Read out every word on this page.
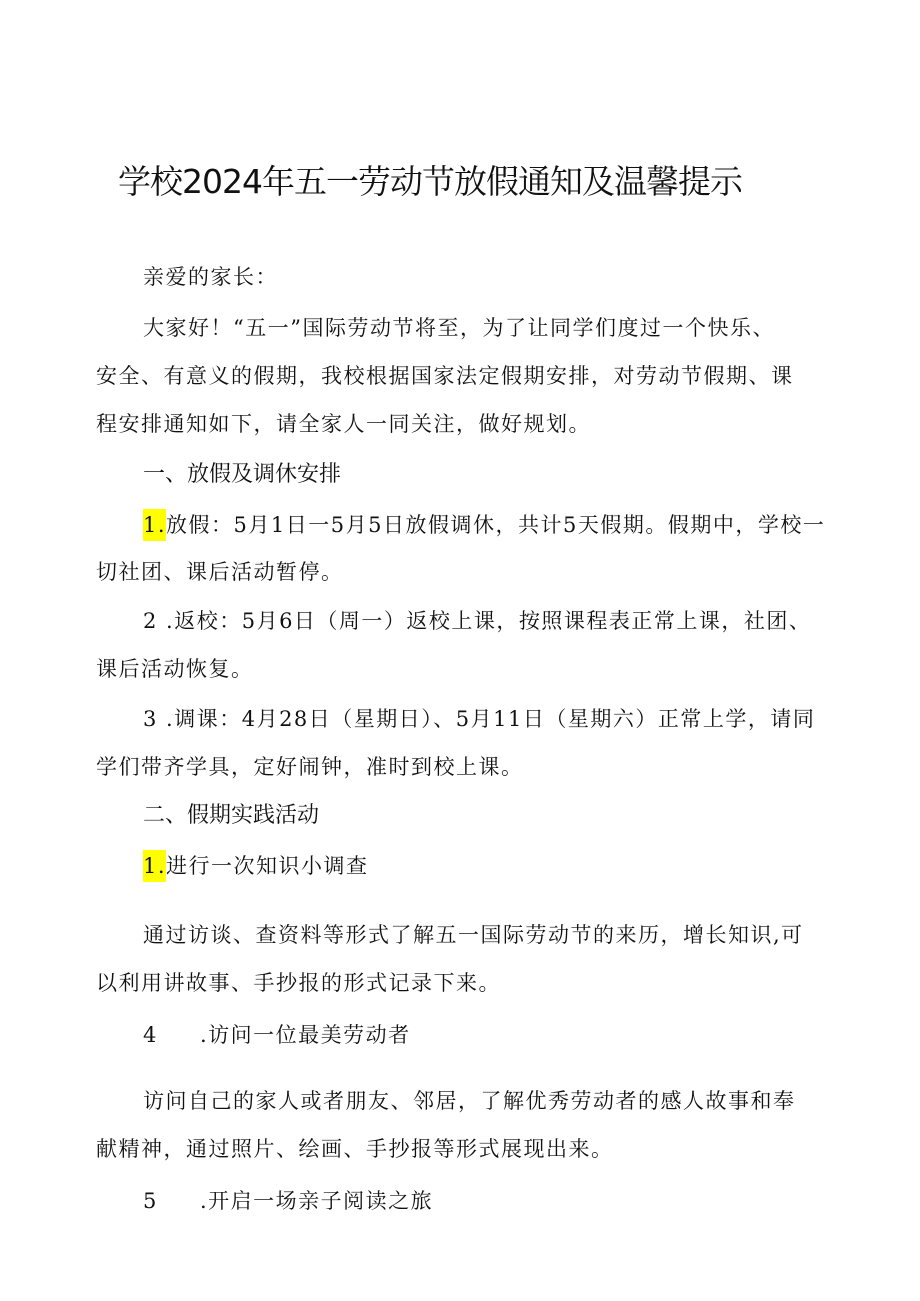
学校2024年五一劳动节放假通知及温馨提示
亲爱的家长：
大家好！“五一”国际劳动节将至，为了让同学们度过一个快乐、
安全、有意义的假期，我校根据国家法定假期安排，对劳动节假期、课
程安排通知如下，请全家人一同关注，做好规划。
一、放假及调休安排
1.放假：5月1日一5月5日放假调休，共计5天假期。假期中，学校一
切社团、课后活动暂停。
2 .返校：5月6日（周一）返校上课，按照课程表正常上课，社团、
课后活动恢复。
3 .调课：4月28日（星期日）、5月11日（星期六）正常上学，请同
学们带齐学具，定好闹钟，准时到校上课。
二、假期实践活动
1.进行一次知识小调查
通过访谈、查资料等形式了解五一国际劳动节的来历，增长知识,可
以利用讲故事、手抄报的形式记录下来。
4 .访问一位最美劳动者
访问自己的家人或者朋友、邻居，了解优秀劳动者的感人故事和奉
献精神，通过照片、绘画、手抄报等形式展现出来。
5 .开启一场亲子阅读之旅
